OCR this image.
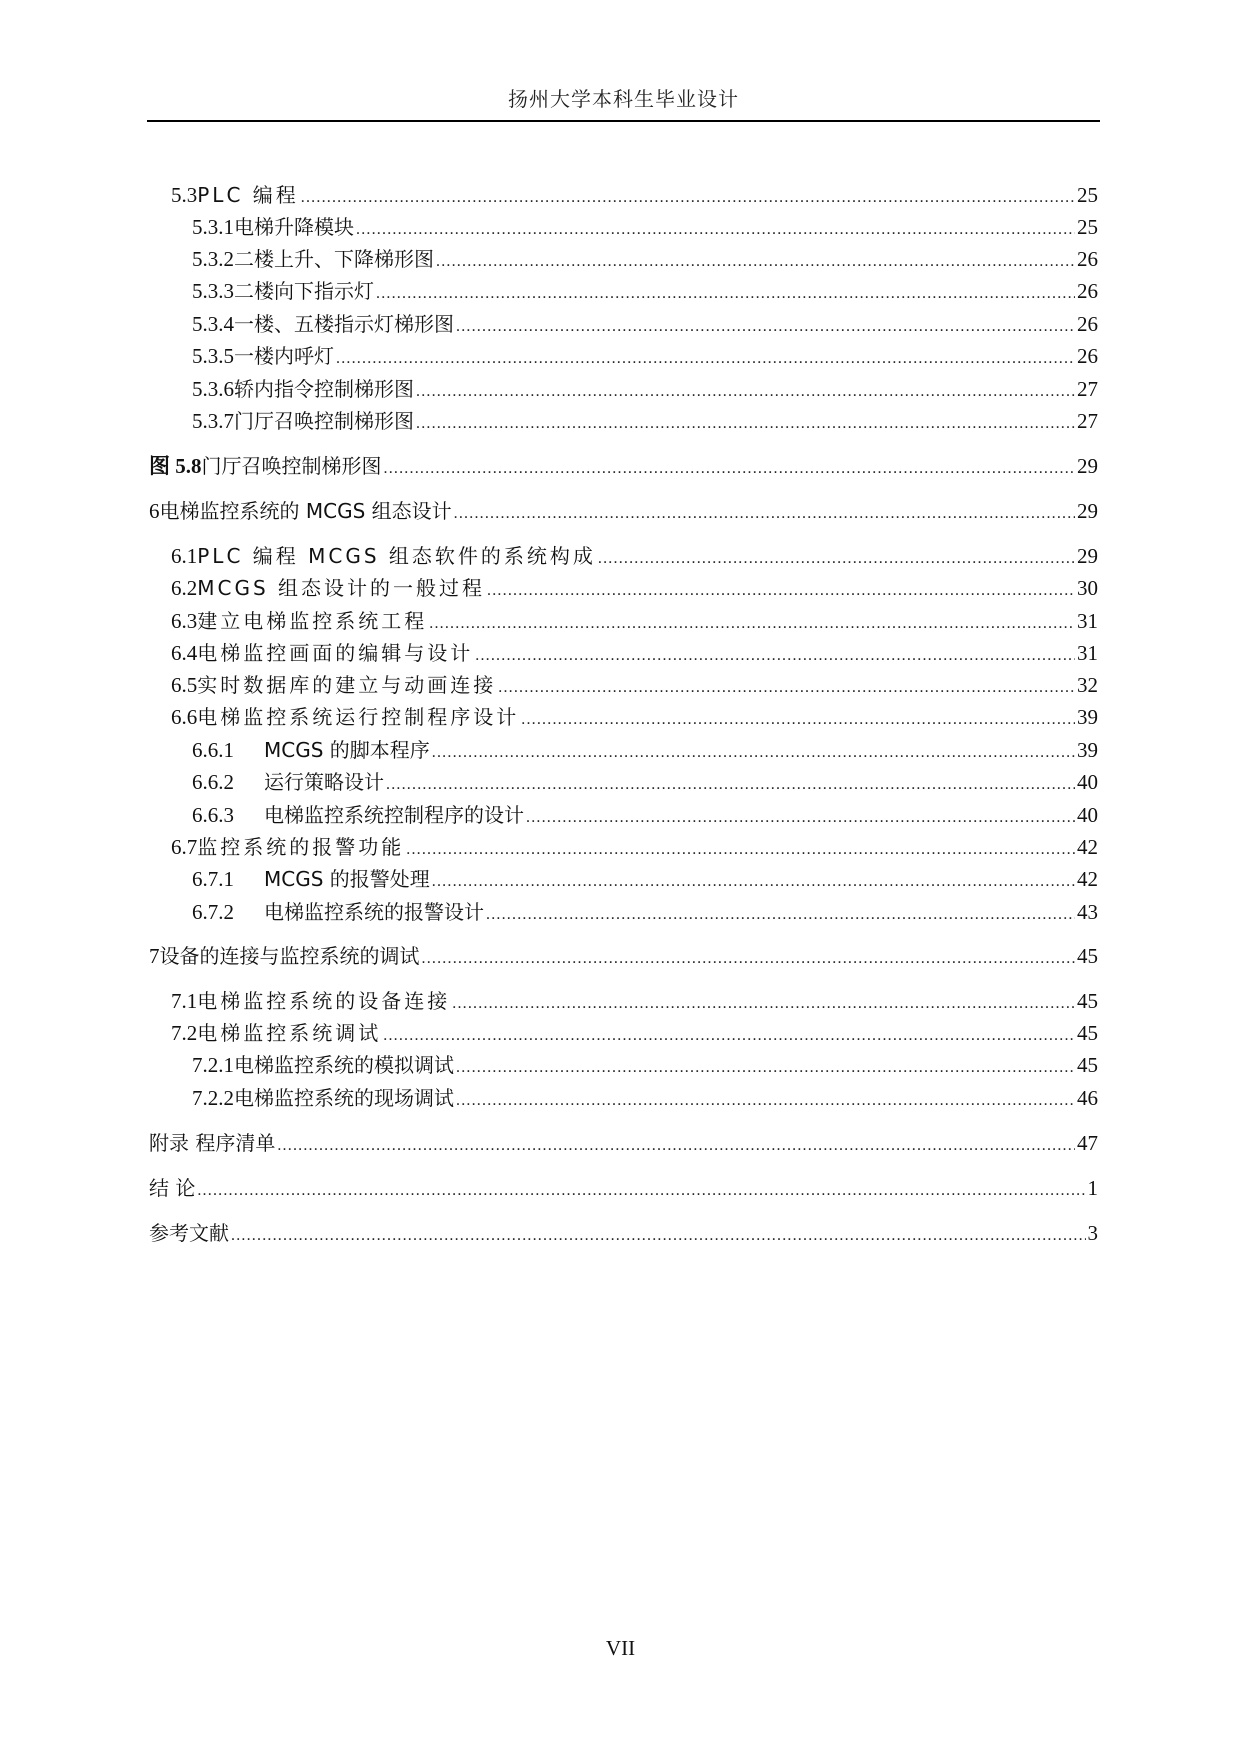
扬州大学本科生毕业设计
5.3 PLC 编程 .....	25
5.3.1 电梯升降模块 .....	25
5.3.2 二楼上升、下降梯形图 .....	26
5.3.3 二楼向下指示灯 .....	26
5.3.4 一楼、五楼指示灯梯形图 .....	26
5.3.5 一楼内呼灯 .....	26
5.3.6 轿内指令控制梯形图 .....	27
5.3.7 门厅召唤控制梯形图 .....	27
图 5.8 门厅召唤控制梯形图 .....	29
6 电梯监控系统的 MCGS 组态设计 .....	29
6.1 PLC 编程 MCGS 组态软件的系统构成 .....	29
6.2 MCGS 组态设计的一般过程 .....	30
6.3 建立电梯监控系统工程 .....	31
6.4 电梯监控画面的编辑与设计 .....	31
6.5 实时数据库的建立与动画连接 .....	32
6.6 电梯监控系统运行控制程序设计 .....	39
6.6.1	MCGS 的脚本程序 .....	39
6.6.2	运行策略设计 .....	40
6.6.3	电梯监控系统控制程序的设计 .....	40
6.7 监控系统的报警功能 .....	42
6.7.1	MCGS 的报警处理 .....	42
6.7.2	电梯监控系统的报警设计 .....	43
7 设备的连接与监控系统的调试 .....	45
7.1 电梯监控系统的设备连接 .....	45
7.2 电梯监控系统调试 .....	45
7.2.1 电梯监控系统的模拟调试 .....	45
7.2.2 电梯监控系统的现场调试 .....	46
附录 程序清单 .....	47
结 论 .....	1
参考文献 .....	3
VII
